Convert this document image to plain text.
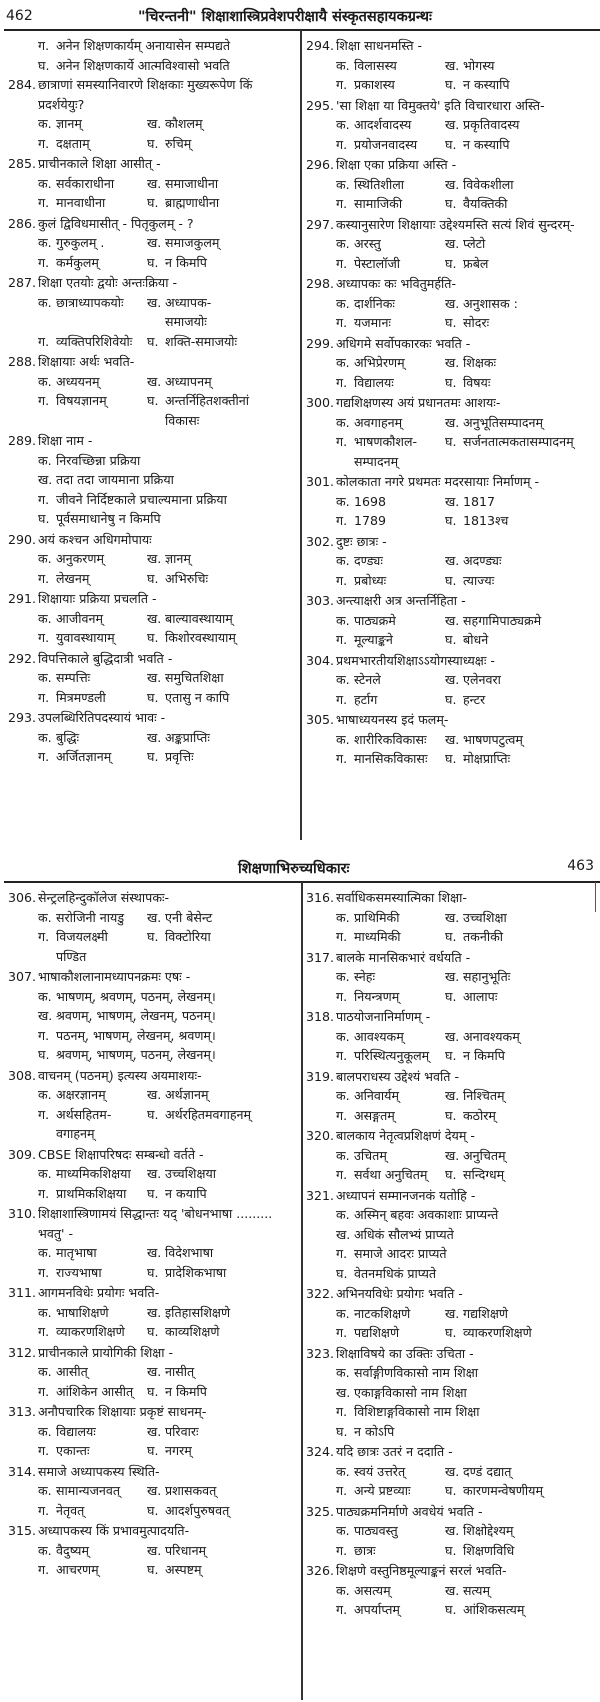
462	"चिरन्तनी" शिक्षाशास्त्रिप्रवेशपरीक्षायै संस्कृतसहायकग्रन्थः
ग. अनेन शिक्षणकार्यम् अनायासेन सम्पद्यते
घ. अनेन शिक्षणकार्ये आत्मविश्वासो भवति
284. छात्राणां समस्यानिवारणे शिक्षकाः मुख्यरूपेण किं
प्रदर्शयेयुः?
क. ज्ञानम्	ख. कौशलम्
ग. दक्षताम्	घ. रुचिम्
285. प्राचीनकाले शिक्षा आसीत् -
क. सर्वकाराधीना	ख. समाजाधीना
ग. मानवाधीना	घ. ब्राह्मणाधीना
286. कुलं द्विविधमासीत् - पितृकुलम् - ?
क. गुरुकुलम् .	ख. समाजकुलम्
ग. कर्मकुलम्	घ. न किमपि
287. शिक्षा एतयोः द्वयोः अन्तःक्रिया -
क. छात्राध्यापकयोः ख. अध्यापक-
समाजयोः
ग. व्यक्तिपरिशिवेयोः घ. शक्ति-समाजयोः
288. शिक्षायाः अर्थः भवति-
क. अध्ययनम्	ख. अध्यापनम्
ग. विषयज्ञानम्	घ. अन्तर्निहितशक्तीनां
विकासः
289. शिक्षा नाम -
क. निरवच्छिन्ना प्रक्रिया
ख. तदा तदा जायमाना प्रक्रिया
ग. जीवने निर्दिष्टकाले प्रचाल्यमाना प्रक्रिया
घ. पूर्वसमाधानेषु न किमपि
290. अयं कश्चन अधिगमोपायः
क. अनुकरणम्	ख. ज्ञानम्
ग. लेखनम्	घ. अभिरुचिः
291. शिक्षायाः प्रक्रिया प्रचलति -
क. आजीवनम्	ख. बाल्यावस्थायाम्
ग. युवावस्थायाम्	घ. किशोरवस्थायाम्
292. विपत्तिकाले बुद्धिदात्री भवति -
क. सम्पत्तिः	ख. समुचितशिक्षा
ग. मित्रमण्डली	घ. एतासु न कापि
293. उपलब्धिरितिपदस्यायं भावः -
क. बुद्धिः	ख. अङ्कप्राप्तिः
ग. अर्जितज्ञानम्	घ. प्रवृत्तिः
294. शिक्षा साधनमस्ति -
क. विलासस्य	ख. भोगस्य
ग. प्रकाशस्य	घ. न कस्यापि
295. 'सा शिक्षा या विमुक्तये' इति विचारधारा अस्ति-
क. आदर्शवादस्य	ख. प्रकृतिवादस्य
ग. प्रयोजनवादस्य घ. न कस्यापि
296. शिक्षा एका प्रक्रिया अस्ति -
क. स्थितिशीला	ख. विवेकशीला
ग. सामाजिकी	घ. वैयक्तिकी
297. कस्यानुसारेण शिक्षायाः उद्देश्यमस्ति सत्यं शिवं सुन्दरम्-
क. अरस्तु	ख. प्लेटो
ग. पेस्टालॉजी	घ. फ्रबेल
298. अध्यापकः कः भवितुमर्हति-
क. दार्शनिकः	ख. अनुशासक :
ग. यजमानः	घ. सोदरः
299. अधिगमे सर्वोपकारकः भवति -
क. अभिप्रेरणम्	ख. शिक्षकः
ग. विद्यालयः	घ. विषयः
300. गद्यशिक्षणस्य अयं प्रधानतमः आशयः-
क. अवगाहनम्	ख. अनुभूतिसम्पादनम्
ग. भाषणकौशल- घ. सर्जनतात्मकतासम्पादनम्
सम्पादनम्
301. कोलकाता नगरे प्रथमतः मदरसायाः निर्माणम् -
क. 1698	ख. 1817
ग. 1789	घ. 1813श्च
302. दुष्टः छात्रः -
क. दण्ड्यः	ख. अदण्ड्यः
ग. प्रबोध्यः	घ. त्याज्यः
303. अन्त्याक्षरी अत्र अन्तर्निहिता -
क. पाठ्यक्रमे	ख. सहगामिपाठ्यक्रमे
ग. मूल्याङ्कने	घ. बोधने
304. प्रथमभारतीयशिक्षाऽऽयोगस्याध्यक्षः -
क. स्टेनले	ख. एलेनवरा
ग. हर्टाग	घ. हन्टर
305. भाषाध्ययनस्य इदं फलम्-
क. शारीरिकविकासः ख. भाषणपटुत्वम्
ग. मानसिकविकासः घ. मोक्षप्राप्तिः
शिक्षणाभिरुच्यधिकारः	463
306. सेन्ट्रलहिन्दुकॉलेज संस्थापकः-
क. सरोजिनी नायडु ख. एनी बेसेन्ट
ग. विजयलक्ष्मी	घ. विक्टोरिया
पण्डित
307. भाषाकौशलानामध्यापनक्रमः एषः -
क. भाषणम्, श्रवणम्, पठनम्, लेखनम्।
ख. श्रवणम्, भाषणम्, लेखनम्, पठनम्।
ग. पठनम्, भाषणम्, लेखनम्, श्रवणम्।
घ. श्रवणम्, भाषणम्, पठनम्, लेखनम्।
308. वाचनम् (पठनम्) इत्यस्य अयमाशयः-
क. अक्षरज्ञानम्	ख. अर्थज्ञानम्
ग. अर्थसहितम-	घ. अर्थरहितमवगाहनम्
वगाहनम्
309. CBSE शिक्षापरिषदः सम्बन्धो वर्तते -
क. माध्यमिकशिक्षया ख. उच्चशिक्षया
ग. प्राथमिकशिक्षया घ. न कयापि
310. शिक्षाशास्त्रिणामयं सिद्धान्तः यद् 'बोधनभाषा .........
भवतु' -
क. मातृभाषा	ख. विदेशभाषा
ग. राज्यभाषा	घ. प्रादेशिकभाषा
311. आगमनविधेः प्रयोगः भवति-
क. भाषाशिक्षणे	ख. इतिहासशिक्षणे
ग. व्याकरणशिक्षणे घ. काव्यशिक्षणे
312. प्राचीनकाले प्रायोगिकी शिक्षा -
क. आसीत्	ख. नासीत्
ग. आंशिकेन आसीत् घ. न किमपि
313. अनौपचारिक शिक्षायाः प्रकृष्टं साधनम्-
क. विद्यालयः	ख. परिवारः
ग. एकान्तः	घ. नगरम्
314. समाजे अध्यापकस्य स्थिति-
क. सामान्यजनवत् ख. प्रशासकवत्
ग. नेतृवत्	घ. आदर्शपुरुषवत्
315. अध्यापकस्य किं प्रभावमुत्पादयति-
क. वैदुष्यम्	ख. परिधानम्
ग. आचरणम्	घ. अस्पष्टम्
316. सर्वाधिकसमस्यात्मिका शिक्षा-
क. प्राथिमिकी	ख. उच्चशिक्षा
ग. माध्यमिकी	घ. तकनीकी
317. बालके मानसिकभारं वर्धयति -
क. स्नेहः	ख. सहानुभूतिः
ग. नियन्त्रणम्	घ. आलापः
318. पाठयोजनानिर्माणम् -
क. आवश्यकम्	ख. अनावश्यकम्
ग. परिस्थित्यनुकूलम् घ. न किमपि
319. बालपराधस्य उद्देश्यं भवति -
क. अनिवार्यम्	ख. निश्चितम्
ग. असङ्गतम्	घ. कठोरम्
320. बालकाय नेतृत्वप्रशिक्षणं देयम् -
क. उचितम्	ख. अनुचितम्
ग. सर्वथा अनुचितम् घ. सन्दिग्धम्
321. अध्यापनं सम्मानजनकं यतोहि -
क. अस्मिन् बहवः अवकाशाः प्राप्यन्ते
ख. अधिकं सौलभ्यं प्राप्यते
ग. समाजे आदरः प्राप्यते
घ. वेतनमधिकं प्राप्यते
322. अभिनयविधेः प्रयोगः भवति -
क. नाटकशिक्षणे	ख. गद्यशिक्षणे
ग. पद्यशिक्षणे	घ. व्याकरणशिक्षणे
323. शिक्षाविषये का उक्तिः उचिता -
क. सर्वाङ्गीणविकासो नाम शिक्षा
ख. एकाङ्गविकासो नाम शिक्षा
ग. विशिष्टाङ्गविकासो नाम शिक्षा
घ. न कोऽपि
324. यदि छात्रः उतरं न ददाति -
क. स्वयं उत्तरेत्	ख. दण्डं दद्यात्
ग. अन्ये प्रष्टव्याः	घ. कारणमन्वेषणीयम्
325. पाठ्यक्रमनिर्माणे अवधेयं भवति -
क. पाठ्यवस्तु	ख. शिक्षोद्देश्यम्
ग. छात्रः	घ. शिक्षणविधि
326. शिक्षणे वस्तुनिष्ठमूल्याङ्कनं सरलं भवति-
क. असत्यम्	ख. सत्यम्
ग. अपर्याप्तम्	घ. आंशिकसत्यम्
